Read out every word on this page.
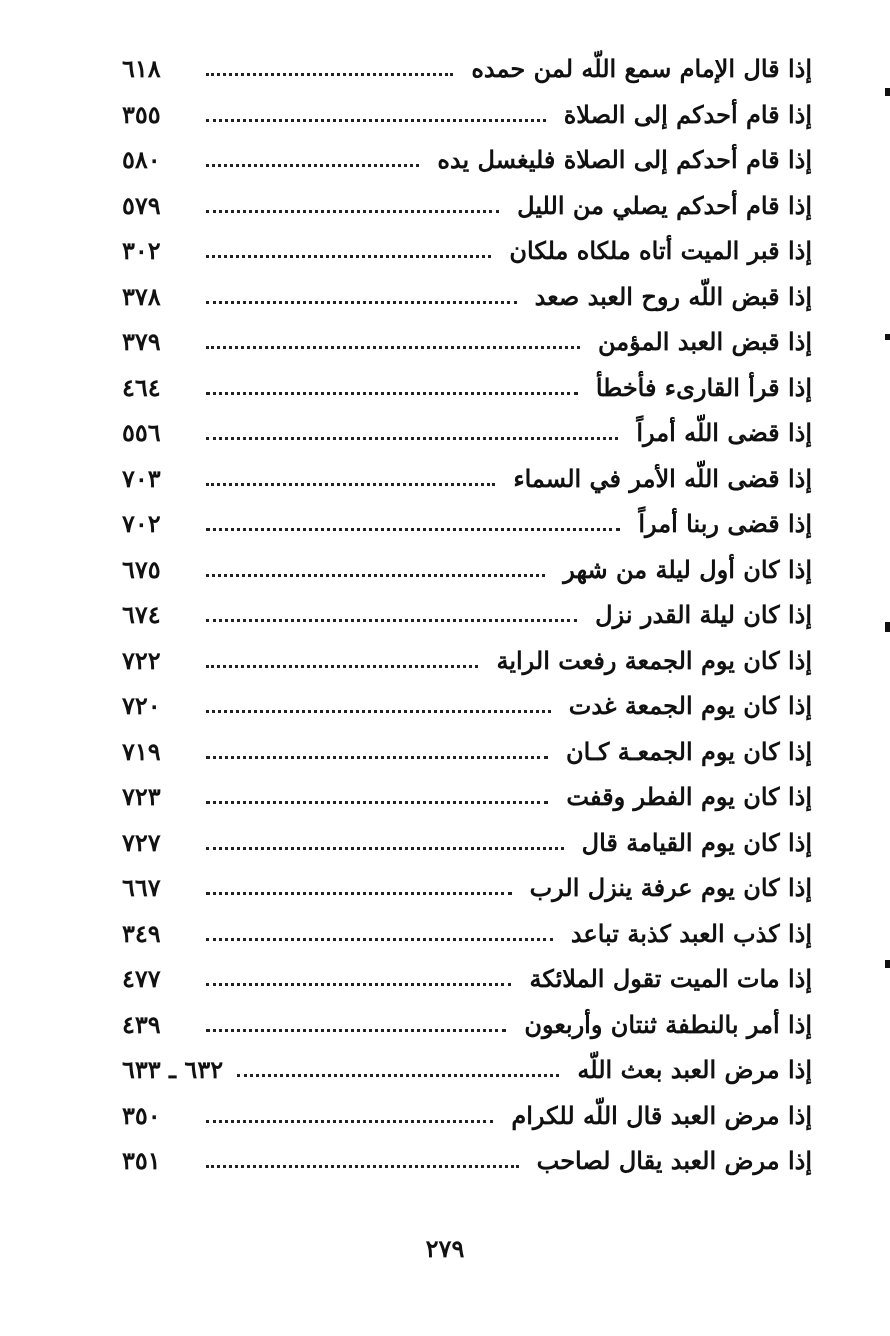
إذا قال الإمام سمع اللّه لمن حمده
٦١٨
إذا قام أحدكم إلى الصلاة
٣٥٥
إذا قام أحدكم إلى الصلاة فليغسل يده
٥٨٠
إذا قام أحدكم يصلي من الليل
٥٧٩
إذا قبر الميت أتاه ملكاه ملكان
٣٠٢
إذا قبض اللّه روح العبد صعد
٣٧٨
إذا قبض العبد المؤمن
٣٧٩
إذا قرأ القارىء فأخطأ
٤٦٤
إذا قضى اللّه أمراً
٥٥٦
إذا قضى اللّه الأمر في السماء
٧٠٣
إذا قضى ربنا أمراً
٧٠٢
إذا كان أول ليلة من شهر
٦٧٥
إذا كان ليلة القدر نزل
٦٧٤
إذا كان يوم الجمعة رفعت الراية
٧٢٢
إذا كان يوم الجمعة غدت
٧٢٠
إذا كان يوم الجمعـة كـان
٧١٩
إذا كان يوم الفطر وقفت
٧٢٣
إذا كان يوم القيامة قال
٧٢٧
إذا كان يوم عرفة ينزل الرب
٦٦٧
إذا كذب العبد كذبة تباعد
٣٤٩
إذا مات الميت تقول الملائكة
٤٧٧
إذا أمر بالنطفة ثنتان وأربعون
٤٣٩
إذا مرض العبد بعث اللّه
٦٣٢ ـ ٦٣٣
إذا مرض العبد قال اللّه للكرام
٣٥٠
إذا مرض العبد يقال لصاحب
٣٥١
٢٧٩
